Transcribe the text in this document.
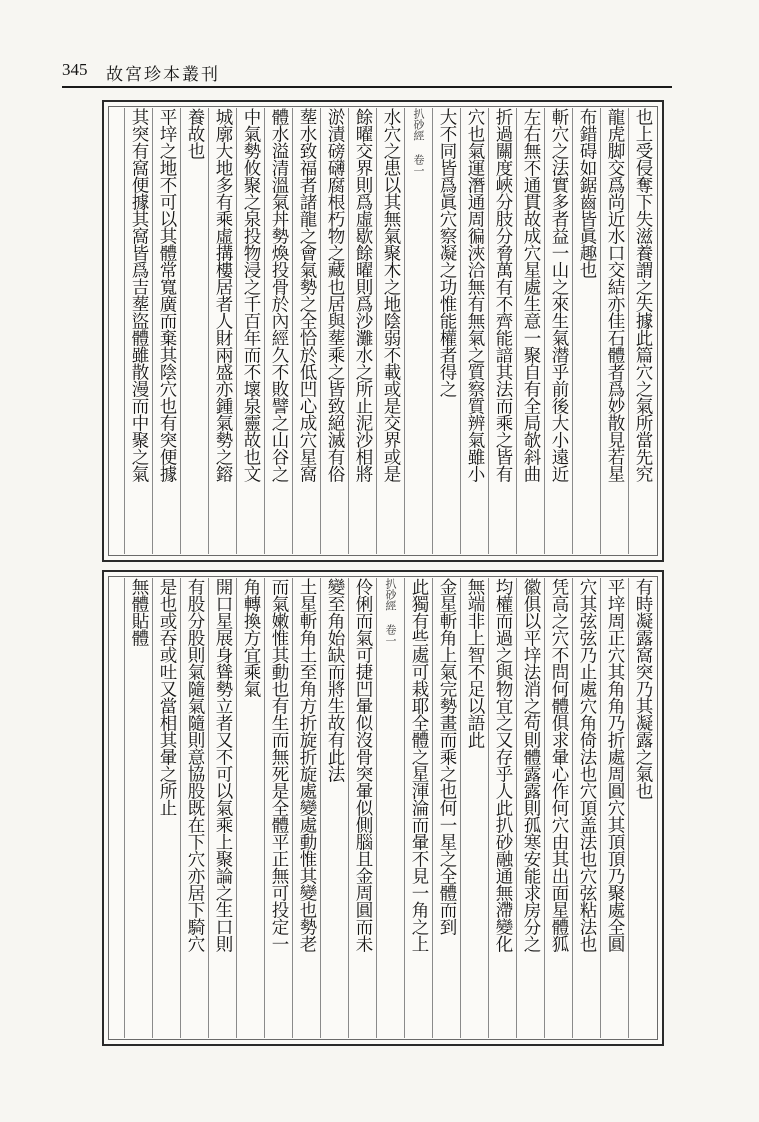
345 故宮珍本叢刊
也上受侵奪下失滋養謂之失據此篇穴之氣所當先究
龍虎脚交爲尚近水口交結亦佳石體者爲妙散見若星
布錯碍如鋸齒皆眞趣也
斬穴之法實多者益一山之來生氣潜乎前後大小遠近
左右無不通貫故成穴星處生意一聚自有全局欹斜曲
折過關度峽分肢分脅萬有不齊能諳其法而乘之皆有
穴也氣運潛通周徧浹洽無有無氣之質察質辨氣雖小
大不同皆爲眞穴察凝之功惟能權者得之
扒砂經 卷一
水穴之患以其無氣聚木之地陰弱不載或是交界或是
餘曜交界則爲虛歇餘曜則爲沙灘水之所止泥沙相將
淤漬磅礴腐根朽物之藏也居與塟乘之皆致絕滅有俗
塟水致福者諸龍之會氣勢之全恰於低凹心成穴星窩
體水溢清溫氣丼勢煥投骨於內經久不敗譬之山谷之
中氣勢攸聚之泉投物浸之千百年而不壞泉靈故也文
城廓大地多有乘虛搆樓居者人財兩盛亦鍾氣勢之鎔
養故也
平垶之地不可以其體常寬廣而棄其陰穴也有突便據
其突有窩便據其窩皆爲吉塟盜體雖散漫而中聚之氣
有時凝露窩突乃其凝露之氣也
平垶周正穴其角角乃折處周圓穴其頂頂乃聚處全圓
穴其弦弦乃止處穴角倚法也穴頂盖法也穴弦粘法也
凭高之穴不問何體俱求暈心作何穴由其出面星體狐
徽俱以平垶法消之苟則體露露則孤寒安能求房分之
均權而過之與物宜之又存乎人此扒砂融通無滯變化
無端非上智不足以語此
金星斬角上氣完勢畫而乘之也何一星之全體而到
此獨有些處可栽耶全體之星渾淪而暈不見一角之上
扒砂經 卷一
伶俐而氣可捷凹暈似沒骨突暈似側腦且金周圓而未
變至角始缺而將生故有此法
土星斬角土至角方折旋折旋處變處動惟其變也勢老
而氣嫩惟其動也有生而無死是全體平正無可投定一
角轉換方宜乘氣
開口星展身聳勢立者又不可以氣乘上聚論之生口則
有股分股則氣隨氣隨則意協股既在下穴亦居下騎穴
是也或吞或吐又當相其暈之所止
無體貼體
